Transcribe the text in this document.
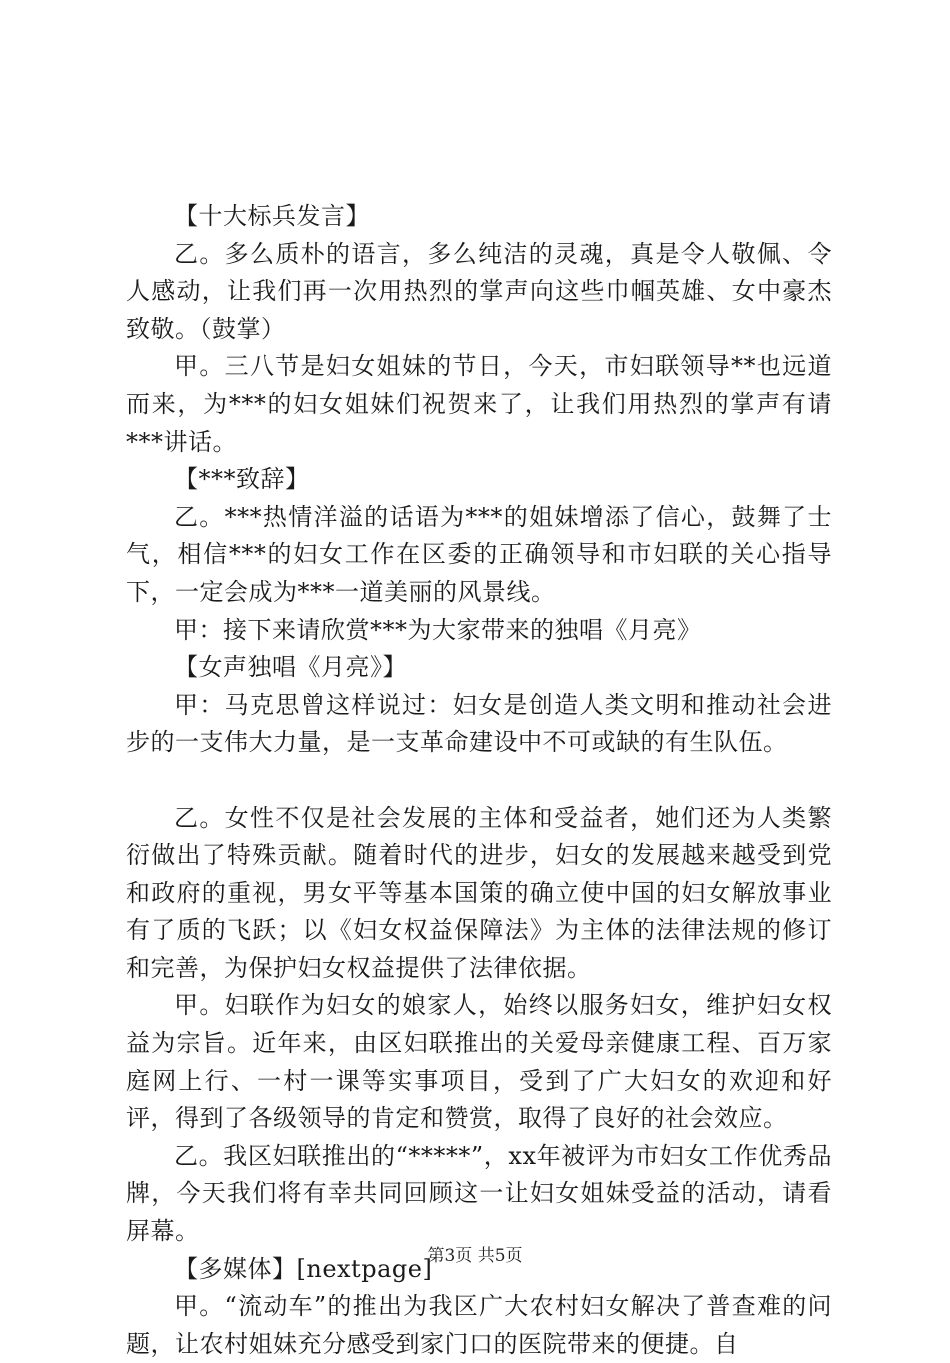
【十大标兵发言】

乙。多么质朴的语言，多么纯洁的灵魂，真是令人敬佩、令人感动，让我们再一次用热烈的掌声向这些巾帼英雄、女中豪杰致敬。（鼓掌）

甲。三八节是妇女姐妹的节日，今天，市妇联领导**也远道而来，为***的妇女姐妹们祝贺来了，让我们用热烈的掌声有请***讲话。

【***致辞】

乙。***热情洋溢的话语为***的姐妹增添了信心，鼓舞了士气，相信***的妇女工作在区委的正确领导和市妇联的关心指导下，一定会成为***一道美丽的风景线。

甲：接下来请欣赏***为大家带来的独唱《月亮》

【女声独唱《月亮》】

甲：马克思曾这样说过：妇女是创造人类文明和推动社会进步的一支伟大力量，是一支革命建设中不可或缺的有生队伍。

乙。女性不仅是社会发展的主体和受益者，她们还为人类繁衍做出了特殊贡献。随着时代的进步，妇女的发展越来越受到党和政府的重视，男女平等基本国策的确立使中国的妇女解放事业有了质的飞跃；以《妇女权益保障法》为主体的法律法规的修订和完善，为保护妇女权益提供了法律依据。

甲。妇联作为妇女的娘家人，始终以服务妇女，维护妇女权益为宗旨。近年来，由区妇联推出的关爱母亲健康工程、百万家庭网上行、一村一课等实事项目，受到了广大妇女的欢迎和好评，得到了各级领导的肯定和赞赏，取得了良好的社会效应。

乙。我区妇联推出的“*****”，xx年被评为市妇女工作优秀品牌，今天我们将有幸共同回顾这一让妇女姐妹受益的活动，请看屏幕。

【多媒体】[nextpage]

甲。“流动车”的推出为我区广大农村妇女解决了普查难的问题，让农村姐妹充分感受到家门口的医院带来的便捷。自

第3页 共5页
